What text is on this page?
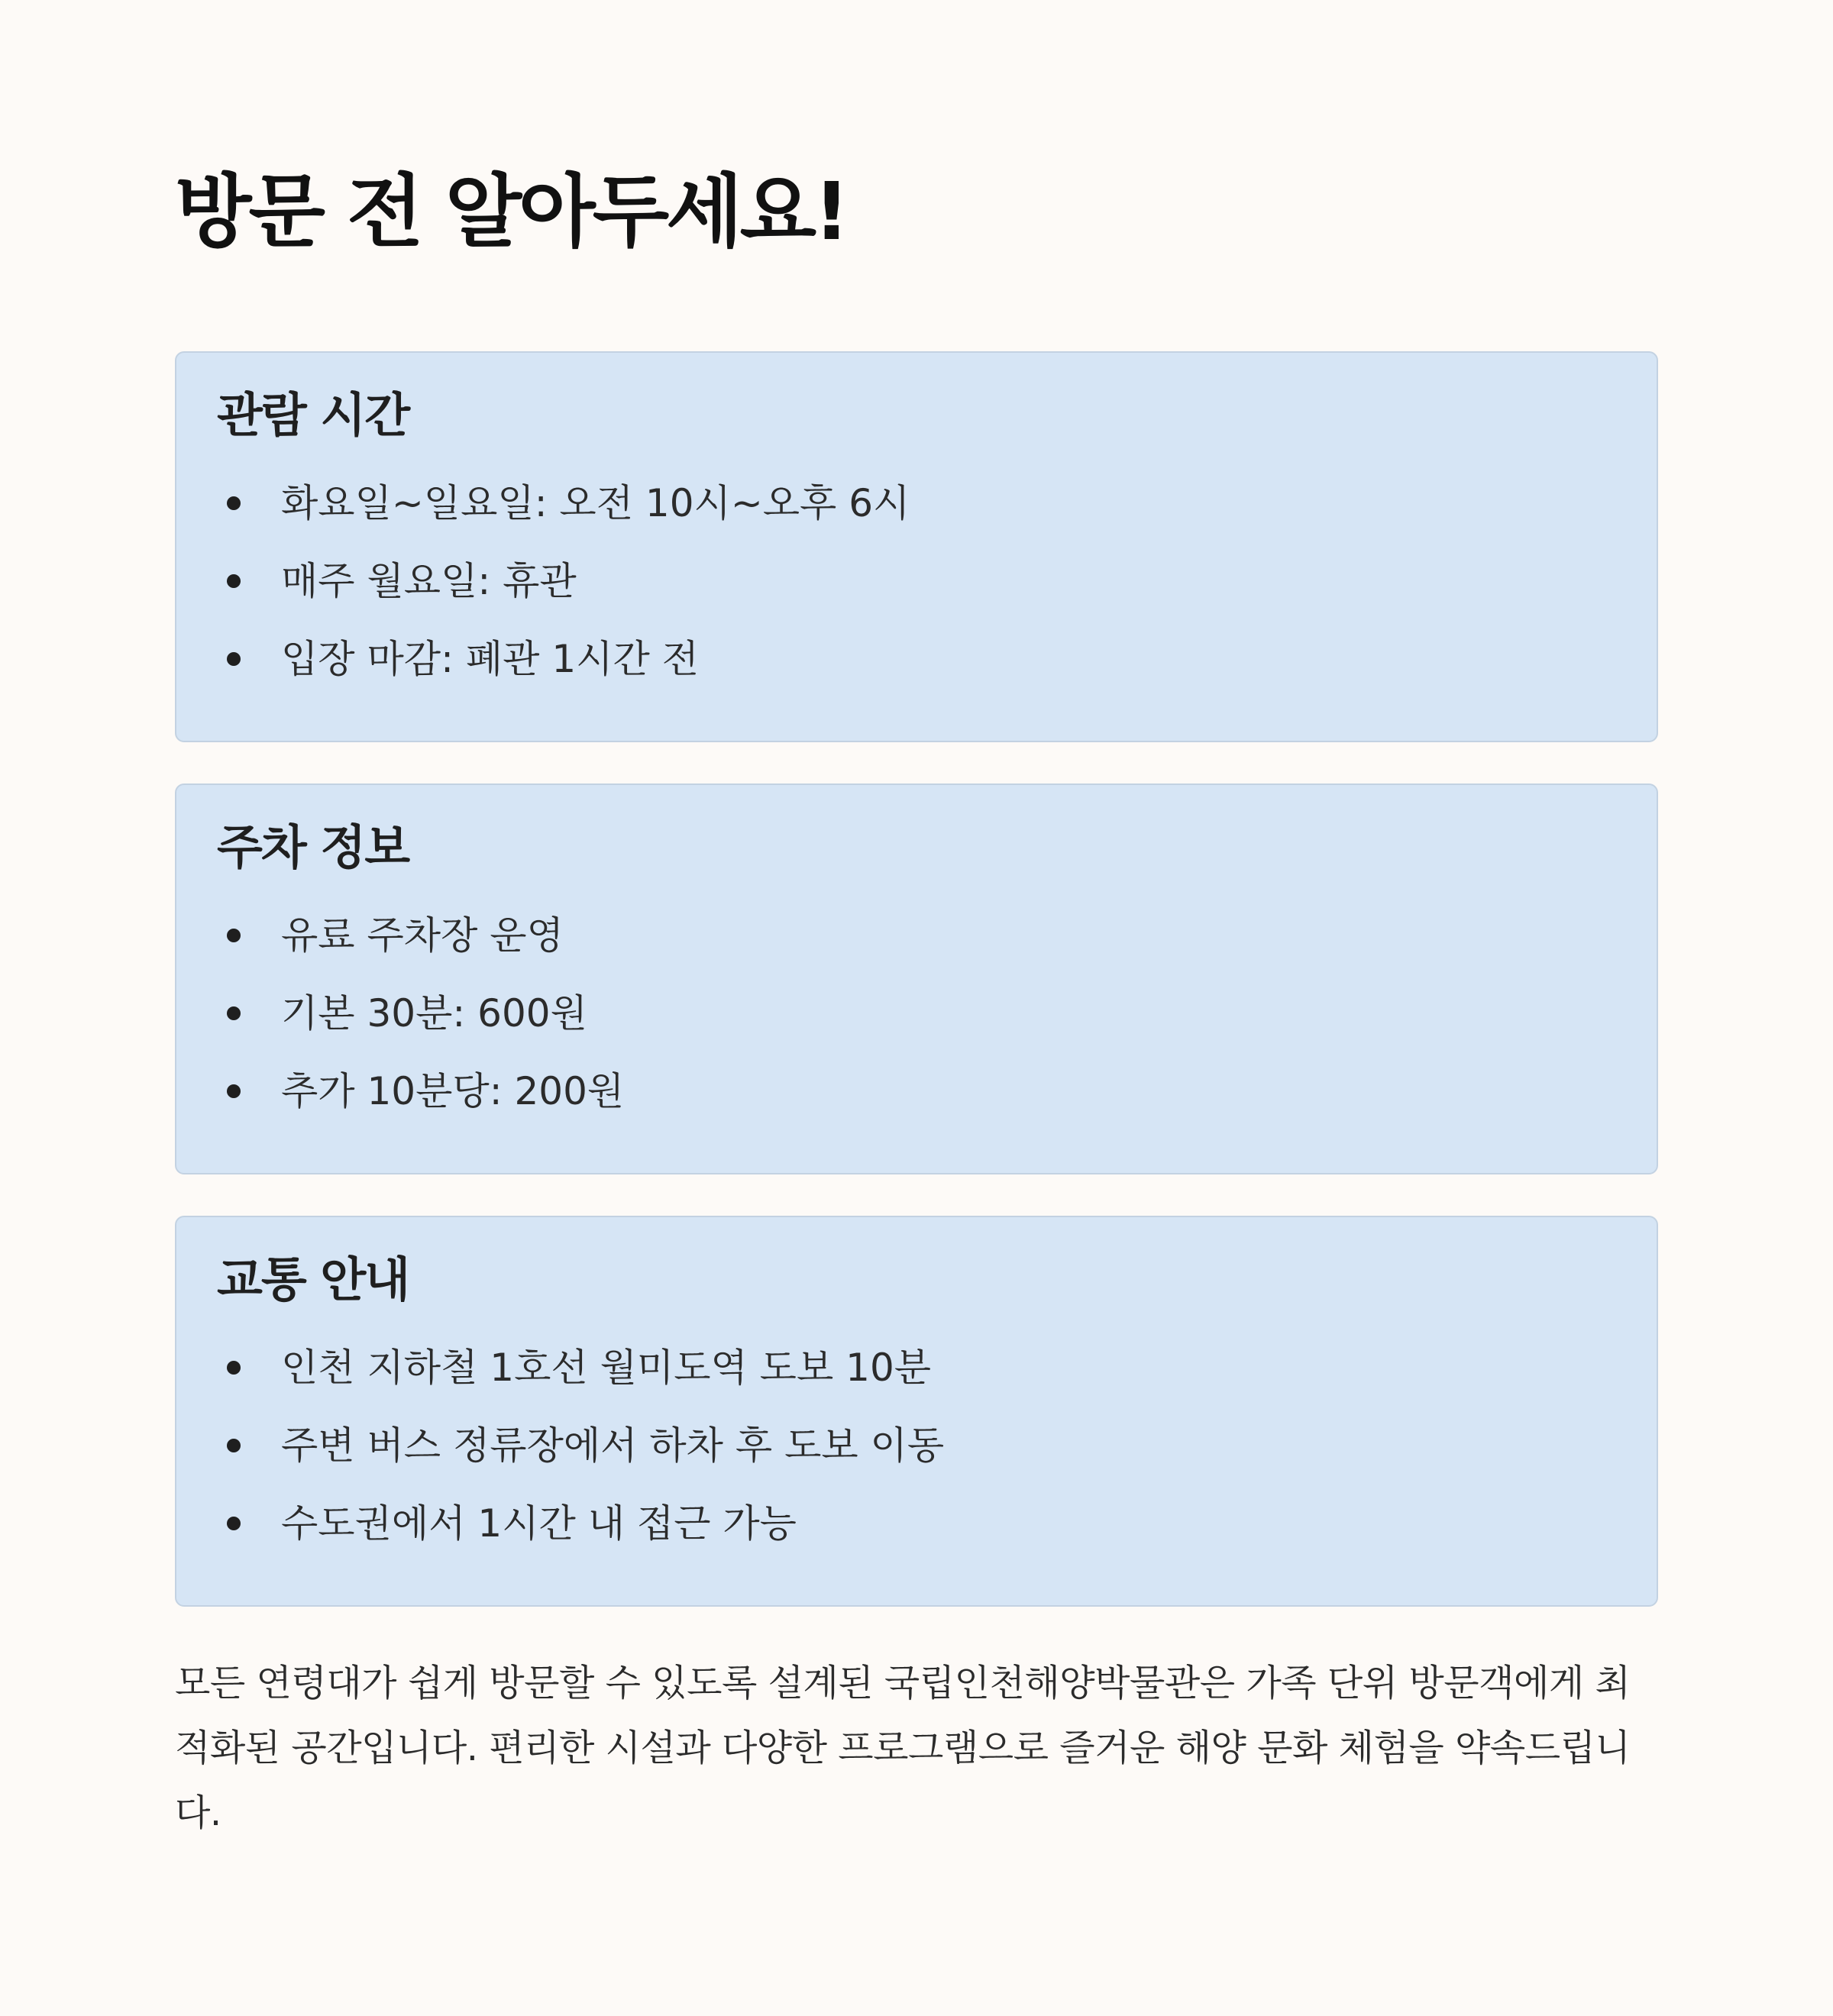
방문 전 알아두세요!
관람 시간
화요일~일요일: 오전 10시~오후 6시
매주 월요일: 휴관
입장 마감: 폐관 1시간 전
주차 정보
유료 주차장 운영
기본 30분: 600원
추가 10분당: 200원
교통 안내
인천 지하철 1호선 월미도역 도보 10분
주변 버스 정류장에서 하차 후 도보 이동
수도권에서 1시간 내 접근 가능

모든 연령대가 쉽게 방문할 수 있도록 설계된 국립인천해양박물관은 가족 단위 방문객에게 최적화된 공간입니다. 편리한 시설과 다양한 프로그램으로 즐거운 해양 문화 체험을 약속드립니다.
